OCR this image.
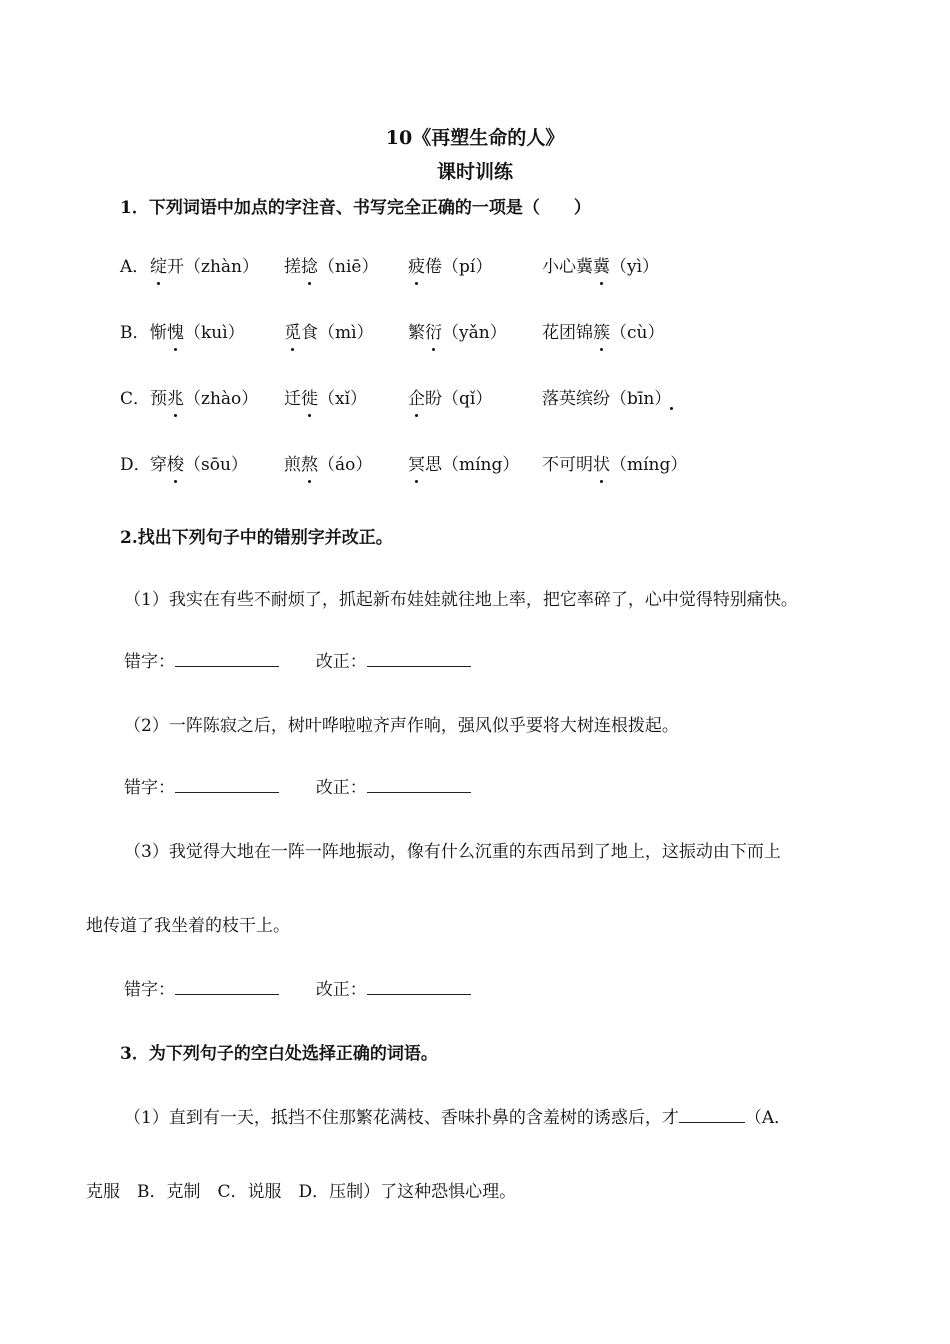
10《再塑生命的人》
课时训练
1．下列词语中加点的字注音、书写完全正确的一项是（　　）
A． 绽开（zhàn） 搓捻（niē） 疲倦（pí）	小心冀冀（yì）
B． 惭愧（kuì） 觅食（mì） 繁衍（yǎn） 花团锦簇（cù）
C． 预兆（zhào） 迁徙（xǐ） 企盼（qǐ）	落英缤纷（bīn）
D． 穿梭（sōu） 煎熬（áo） 冥思（míng） 不可明状（míng）
2.找出下列句子中的错别字并改正。
（1）我实在有些不耐烦了，抓起新布娃娃就往地上率，把它率碎了，心中觉得特别痛快。
错字：	改正：
（2）一阵陈寂之后，树叶哗啦啦齐声作响，强风似乎要将大树连根拨起。
错字：	改正：
（3）我觉得大地在一阵一阵地振动，像有什么沉重的东西吊到了地上，这振动由下而上
地传道了我坐着的枝干上。
错字：	改正：
3．为下列句子的空白处选择正确的词语。
（1）直到有一天，抵挡不住那繁花满枝、香味扑鼻的含羞树的诱惑后，才	（A．
克服　B．克制　C．说服　D．压制）了这种恐惧心理。
